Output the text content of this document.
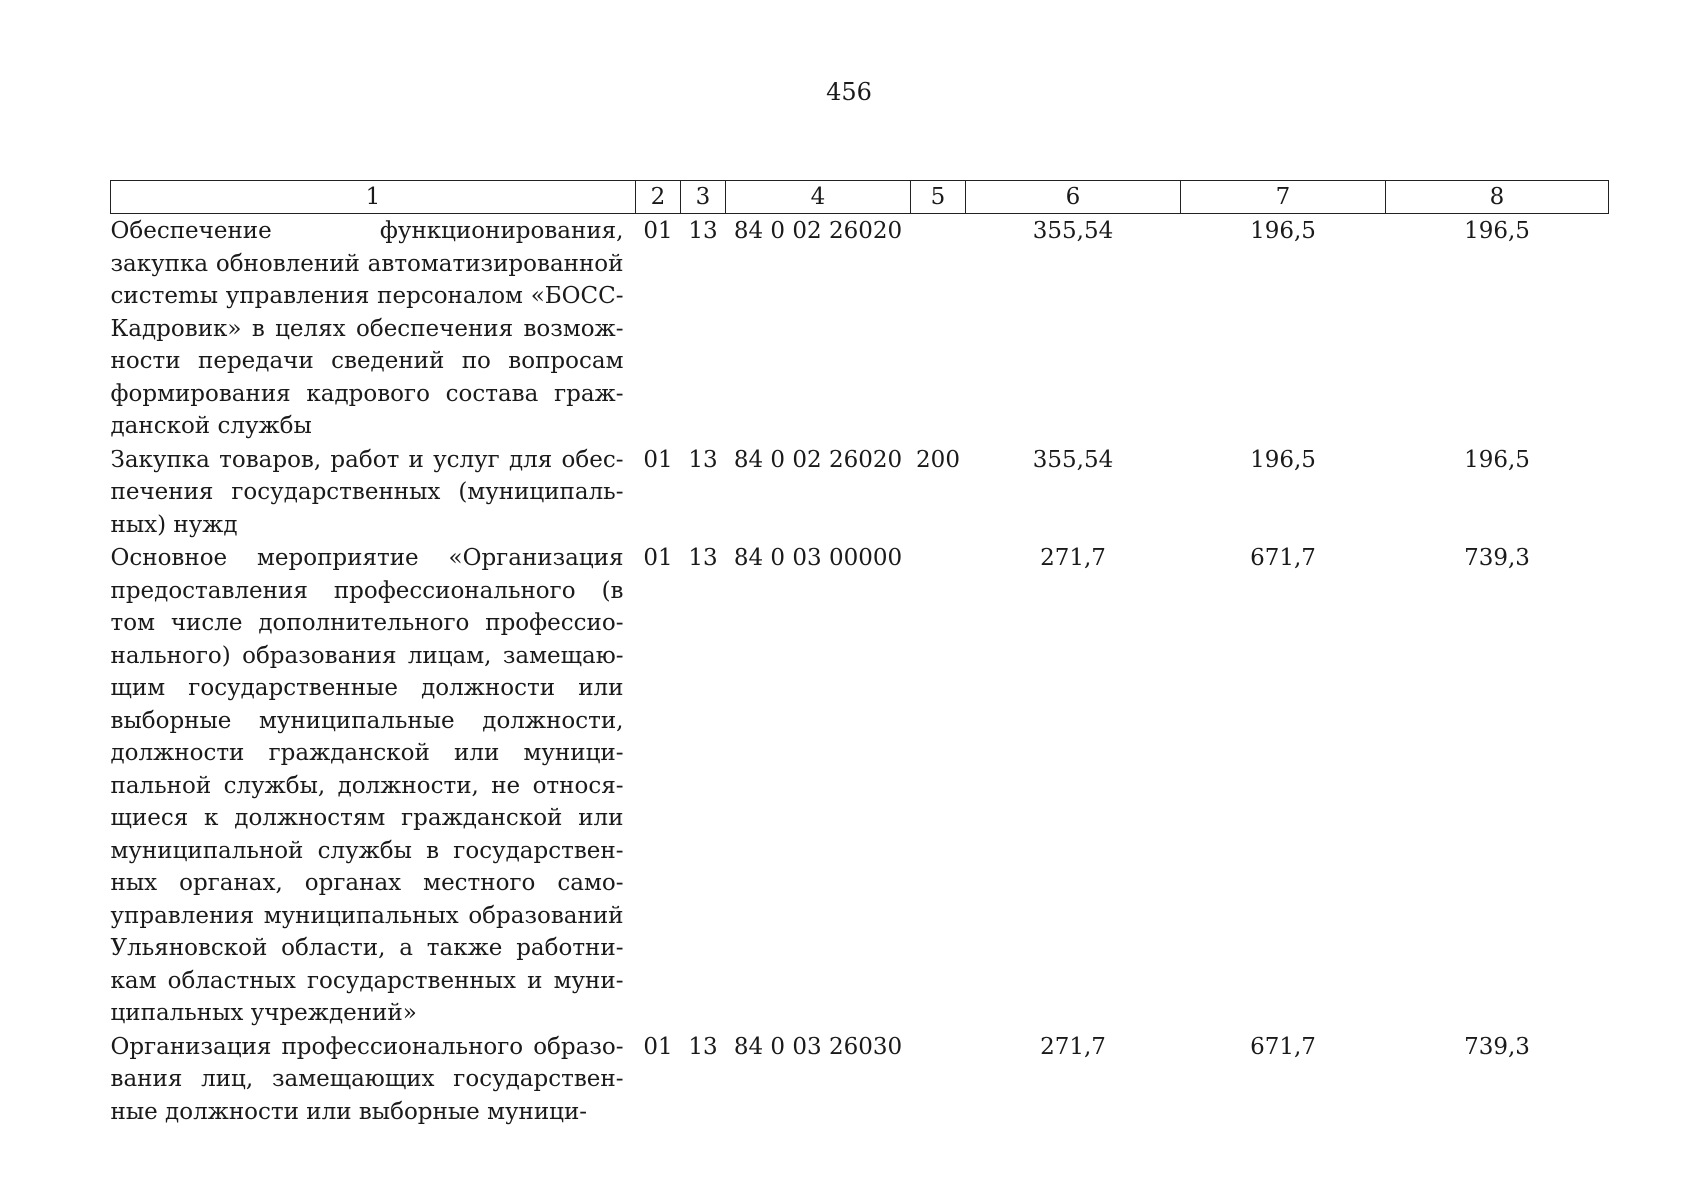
456
1	2	3	4	5	6	7	8
Обеспечение функционирования, закупка обновлений автоматизированной систеmы управления персоналом «БОСС-Кадровик» в целях обеспечения возможности передачи сведений по вопросам формирования кадрового состава гражданской службы	01	13	84 0 02 26020		355,54	196,5	196,5
Закупка товаров, работ и услуг для обеспечения государственных (муниципальных) нужд	01	13	84 0 02 26020	200	355,54	196,5	196,5
Основное мероприятие «Организация предоставления профессионального (в том числе дополнительного профессионального) образования лицам, замещающим государственные должности или выборные муниципальные должности, должности гражданской или муниципальной службы, должности, не относящиеся к должностям гражданской или муниципальной службы в государственных органах, органах местного самоуправления муниципальных образований Ульяновской области, а также работникам областных государственных и муниципальных учреждений»	01	13	84 0 03 00000		271,7	671,7	739,3
Организация профессионального образования лиц, замещающих государственные должности или выборные муници-	01	13	84 0 03 26030		271,7	671,7	739,3
